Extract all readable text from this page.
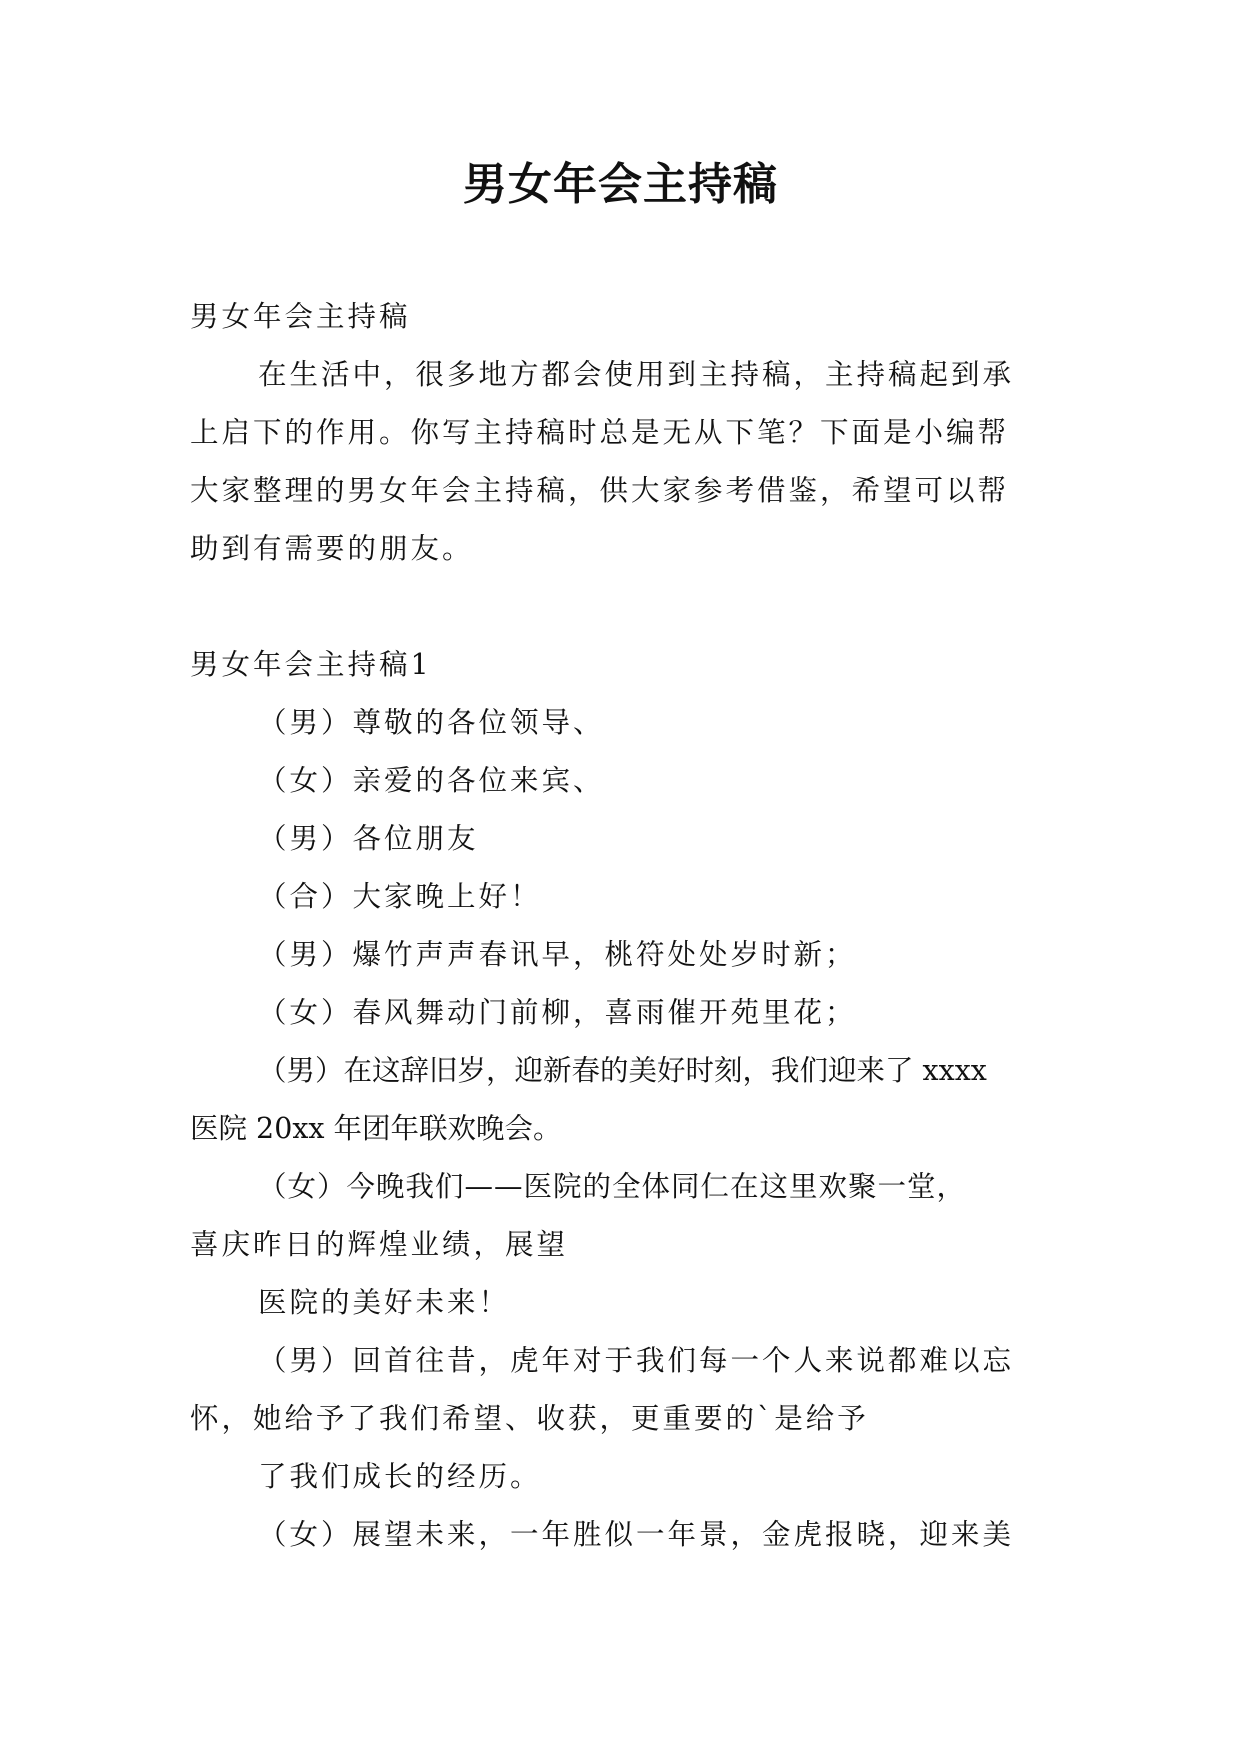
男女年会主持稿
男女年会主持稿
在生活中，很多地方都会使用到主持稿，主持稿起到承
上启下的作用。你写主持稿时总是无从下笔？下面是小编帮
大家整理的男女年会主持稿，供大家参考借鉴，希望可以帮
助到有需要的朋友。
男女年会主持稿1
（男）尊敬的各位领导、
（女）亲爱的各位来宾、
（男）各位朋友
（合）大家晚上好！
（男）爆竹声声春讯早，桃符处处岁时新；
（女）春风舞动门前柳，喜雨催开苑里花；
（男）在这辞旧岁，迎新春的美好时刻，我们迎来了 xxxx
医院 20xx 年团年联欢晚会。
（女）今晚我们——医院的全体同仁在这里欢聚一堂，
喜庆昨日的辉煌业绩，展望
医院的美好未来！
（男）回首往昔，虎年对于我们每一个人来说都难以忘
怀，她给予了我们希望、收获，更重要的`是给予
了我们成长的经历。
（女）展望未来，一年胜似一年景，金虎报晓，迎来美
